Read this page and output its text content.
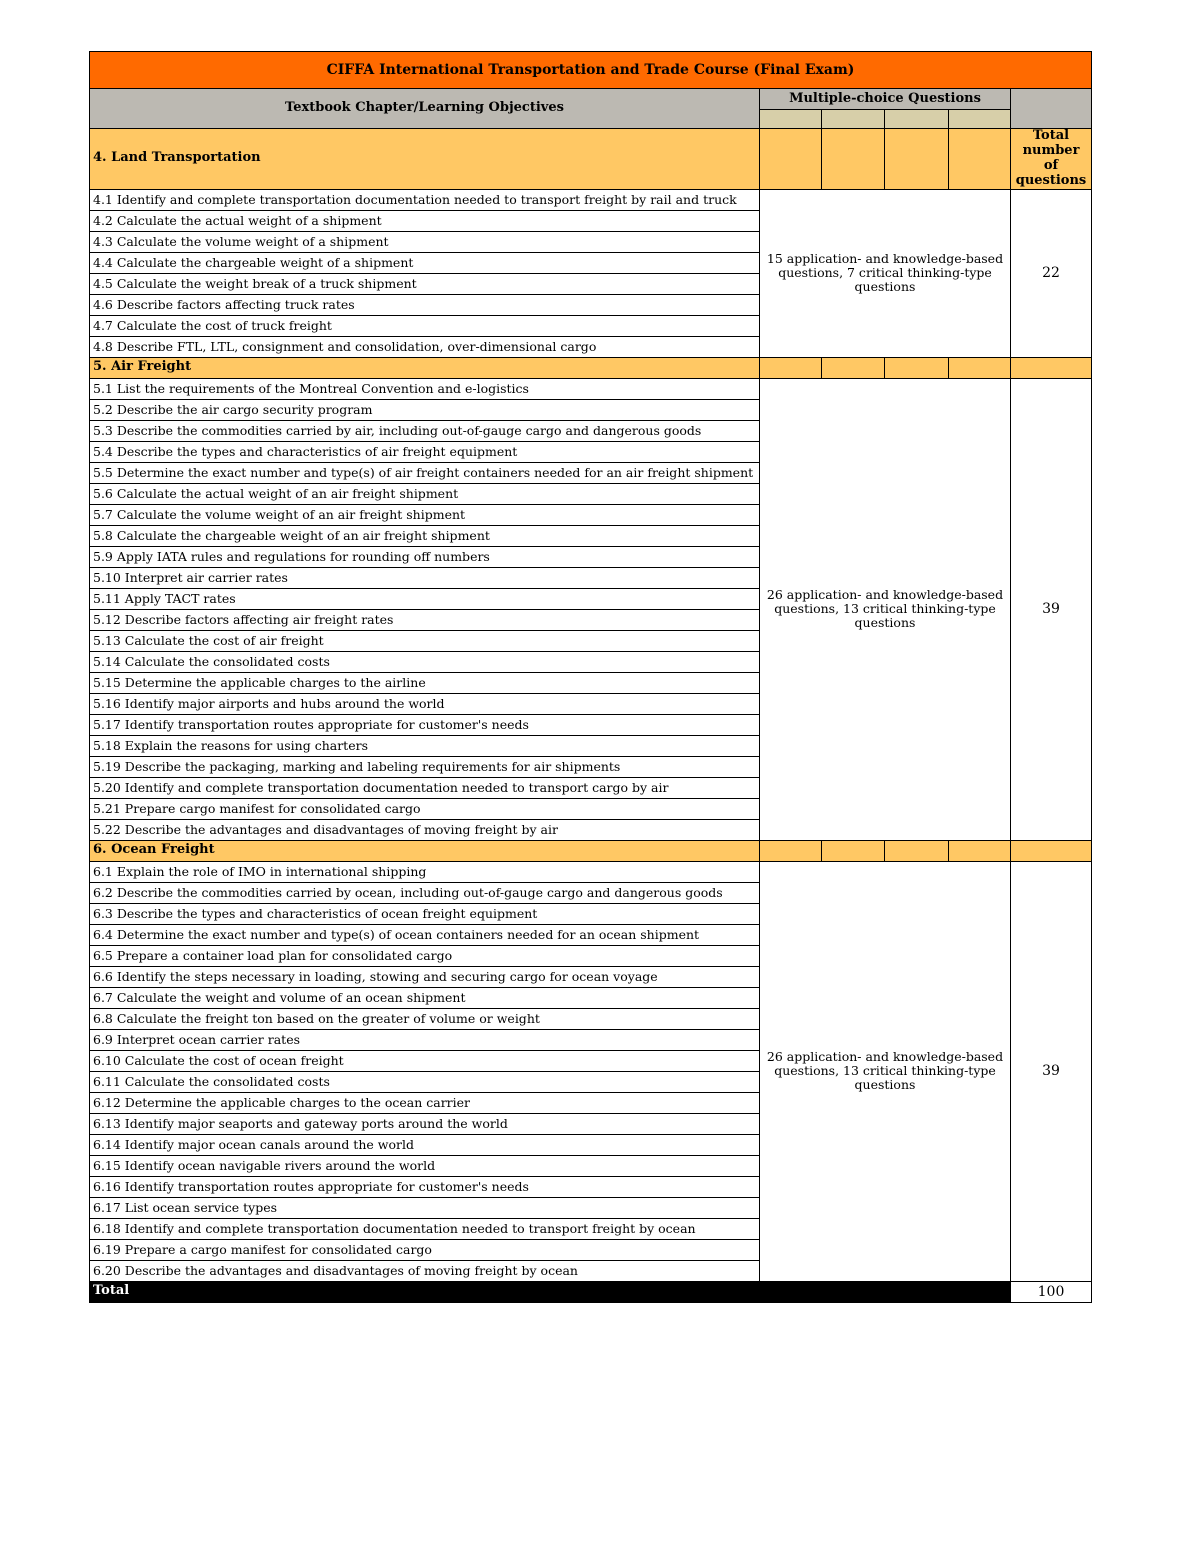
CIFFA International Transportation and Trade Course (Final Exam)					
Textbook Chapter/Learning Objectives	Multiple-choice Questions				

4. Land Transportation					Total number of questions
4.1 Identify and complete transportation documentation needed to transport freight by rail and truck	15 application- and knowledge-based questions, 7 critical thinking-type questions				22
4.2 Calculate the actual weight of a shipment					
4.3 Calculate the volume weight of a shipment					
4.4 Calculate the chargeable weight of a shipment					
4.5 Calculate the weight break of a truck shipment					
4.6 Describe factors affecting truck rates					
4.7 Calculate the cost of truck freight					
4.8 Describe FTL, LTL, consignment and consolidation, over-dimensional cargo					
5. Air Freight					
5.1 List the requirements of the Montreal Convention and e-logistics	26 application- and knowledge-based questions, 13 critical thinking-type questions				39
5.2 Describe the air cargo security program					
5.3 Describe the commodities carried by air, including out-of-gauge cargo and dangerous goods					
5.4 Describe the types and characteristics of air freight equipment					
5.5 Determine the exact number and type(s) of air freight containers needed for an air freight shipment					
5.6 Calculate the actual weight of an air freight shipment					
5.7 Calculate the volume weight of an air freight shipment					
5.8 Calculate the chargeable weight of an air freight shipment					
5.9 Apply IATA rules and regulations for rounding off numbers					
5.10 Interpret air carrier rates					
5.11 Apply TACT rates					
5.12 Describe factors affecting air freight rates					
5.13 Calculate the cost of air freight					
5.14 Calculate the consolidated costs					
5.15 Determine the applicable charges to the airline					
5.16 Identify major airports and hubs around the world					
5.17 Identify transportation routes appropriate for customer's needs					
5.18 Explain the reasons for using charters					
5.19 Describe the packaging, marking and labeling requirements for air shipments					
5.20 Identify and complete transportation documentation needed to transport cargo by air					
5.21 Prepare cargo manifest for consolidated cargo					
5.22 Describe the advantages and disadvantages of moving freight by air					
6. Ocean Freight					
6.1 Explain the role of IMO in international shipping	26 application- and knowledge-based questions, 13 critical thinking-type questions				39
6.2 Describe the commodities carried by ocean, including out-of-gauge cargo and dangerous goods					
6.3 Describe the types and characteristics of ocean freight equipment					
6.4 Determine the exact number and type(s) of ocean containers needed for an ocean shipment					
6.5 Prepare a container load plan for consolidated cargo					
6.6 Identify the steps necessary in loading, stowing and securing cargo for ocean voyage					
6.7 Calculate the weight and volume of an ocean shipment					
6.8 Calculate the freight ton based on the greater of volume or weight					
6.9 Interpret ocean carrier rates					
6.10 Calculate the cost of ocean freight					
6.11 Calculate the consolidated costs					
6.12 Determine the applicable charges to the ocean carrier					
6.13 Identify major seaports and gateway ports around the world					
6.14 Identify major ocean canals around the world					
6.15 Identify ocean navigable rivers around the world					
6.16 Identify transportation routes appropriate for customer's needs					
6.17 List ocean service types					
6.18 Identify and complete transportation documentation needed to transport freight by ocean					
6.19 Prepare a cargo manifest for consolidated cargo					
6.20 Describe the advantages and disadvantages of moving freight by ocean					
Total					100
